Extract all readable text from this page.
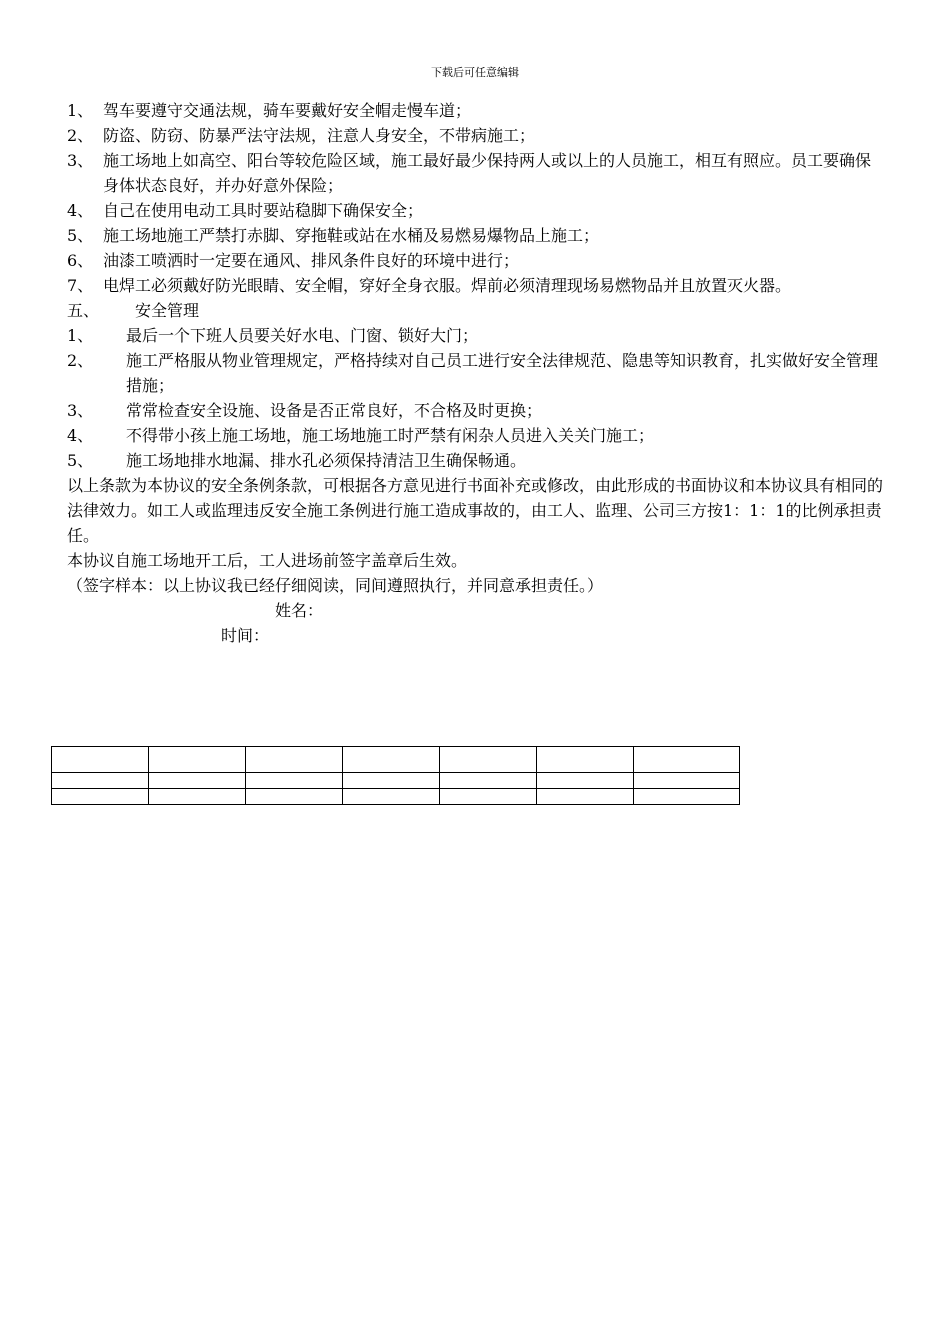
下载后可任意编辑
1、 驾车要遵守交通法规，骑车要戴好安全帽走慢车道；
2、 防盗、防窃、防暴严法守法规，注意人身安全，不带病施工；
3、 施工场地上如高空、阳台等较危险区域，施工最好最少保持两人或以上的人员施工，相互有照应。员工要确保身体状态良好，并办好意外保险；
4、 自己在使用电动工具时要站稳脚下确保安全；
5、 施工场地施工严禁打赤脚、穿拖鞋或站在水桶及易燃易爆物品上施工；
6、 油漆工喷洒时一定要在通风、排风条件良好的环境中进行；
7、 电焊工必须戴好防光眼睛、安全帽，穿好全身衣服。焊前必须清理现场易燃物品并且放置灭火器。
五、	安全管理
1、	最后一个下班人员要关好水电、门窗、锁好大门；
2、	施工严格服从物业管理规定，严格持续对自己员工进行安全法律规范、隐患等知识教育，扎实做好安全管理措施；
3、	常常检查安全设施、设备是否正常良好，不合格及时更换；
4、	不得带小孩上施工场地，施工场地施工时严禁有闲杂人员进入关关门施工；
5、	施工场地排水地漏、排水孔必须保持清洁卫生确保畅通。

以上条款为本协议的安全条例条款，可根据各方意见进行书面补充或修改，由此形成的书面协议和本协议具有相同的法律效力。如工人或监理违反安全施工条例进行施工造成事故的，由工人、监理、公司三方按1：1：1的比例承担责任。

本协议自施工场地开工后，工人进场前签字盖章后生效。

（签字样本：以上协议我已经仔细阅读，同间遵照执行，并同意承担责任。）

姓名：
时间：
